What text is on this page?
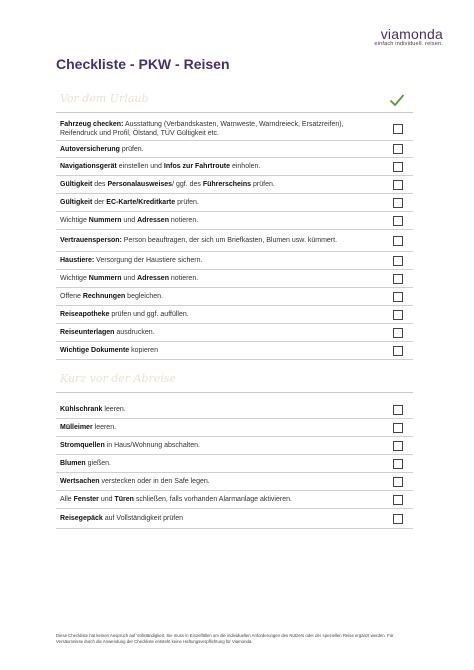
viamonda
einfach individuell. reisen.
Checkliste - PKW - Reisen
Vor dem Urlaub
Fahrzeug checken: Ausstattung (Verbandskasten, Warnweste, Warndreieck, Ersatzreifen), Reifendruck und Profil, Ölstand, TÜV Gültigkeit etc.
Autoversicherung prüfen.
Navigationsgerät einstellen und Infos zur Fahrtroute einholen.
Gültigkeit des Personalausweises/ ggf. des Führerscheins prüfen.
Gültigkeit der EC-Karte/Kreditkarte prüfen.
Wichtige Nummern und Adressen notieren.
Vertrauensperson: Person beauftragen, der sich um Briefkasten, Blumen usw. kümmert.
Haustiere: Versorgung der Haustiere sichern.
Wichtige Nummern und Adressen notieren.
Offene Rechnungen begleichen.
Reiseapotheke prüfen und ggf. auffüllen.
Reiseunterlagen ausdrucken.
Wichtige Dokumente kopieren
Kurz vor der Abreise
Kühlschrank leeren.
Mülleimer leeren.
Stromquellen in Haus/Wohnung abschalten.
Blumen gießen.
Wertsachen verstecken oder in den Safe legen.
Alle Fenster und Türen schließen, falls vorhanden Alarmanlage aktivieren.
Reisegepäck auf Vollständigkeit prüfen
Diese Checkliste hat keinen Anspruch auf Vollständigkeit. Sie muss in Einzelfällen um die individuellen Anforderungen des Nutzers oder der speziellen Reise ergänzt werden. Für Versäumnisse durch die Anwendung der Checkliste entsteht keine Haftungsverpflichtung für Viamonda.
